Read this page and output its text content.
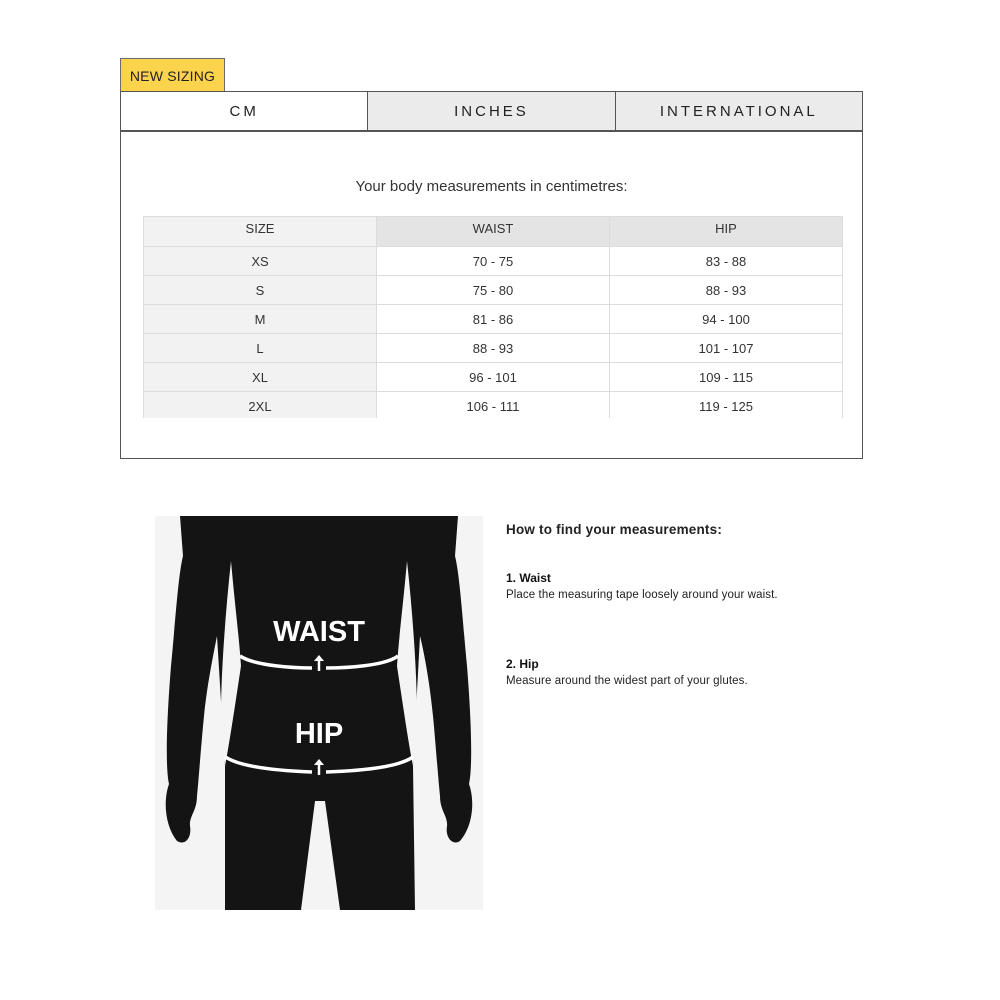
NEW SIZING
CM	INCHES	INTERNATIONAL
Your body measurements in centimetres:
SIZE	WAIST	HIP
XS	70 - 75	83 - 88
S	75 - 80	88 - 93
M	81 - 86	94 - 100
L	88 - 93	101 - 107
XL	96 - 101	109 - 115
2XL	106 - 111	119 - 125
WAIST
HIP
How to find your measurements:
1. Waist
Place the measuring tape loosely around your waist.
2. Hip
Measure around the widest part of your glutes.
